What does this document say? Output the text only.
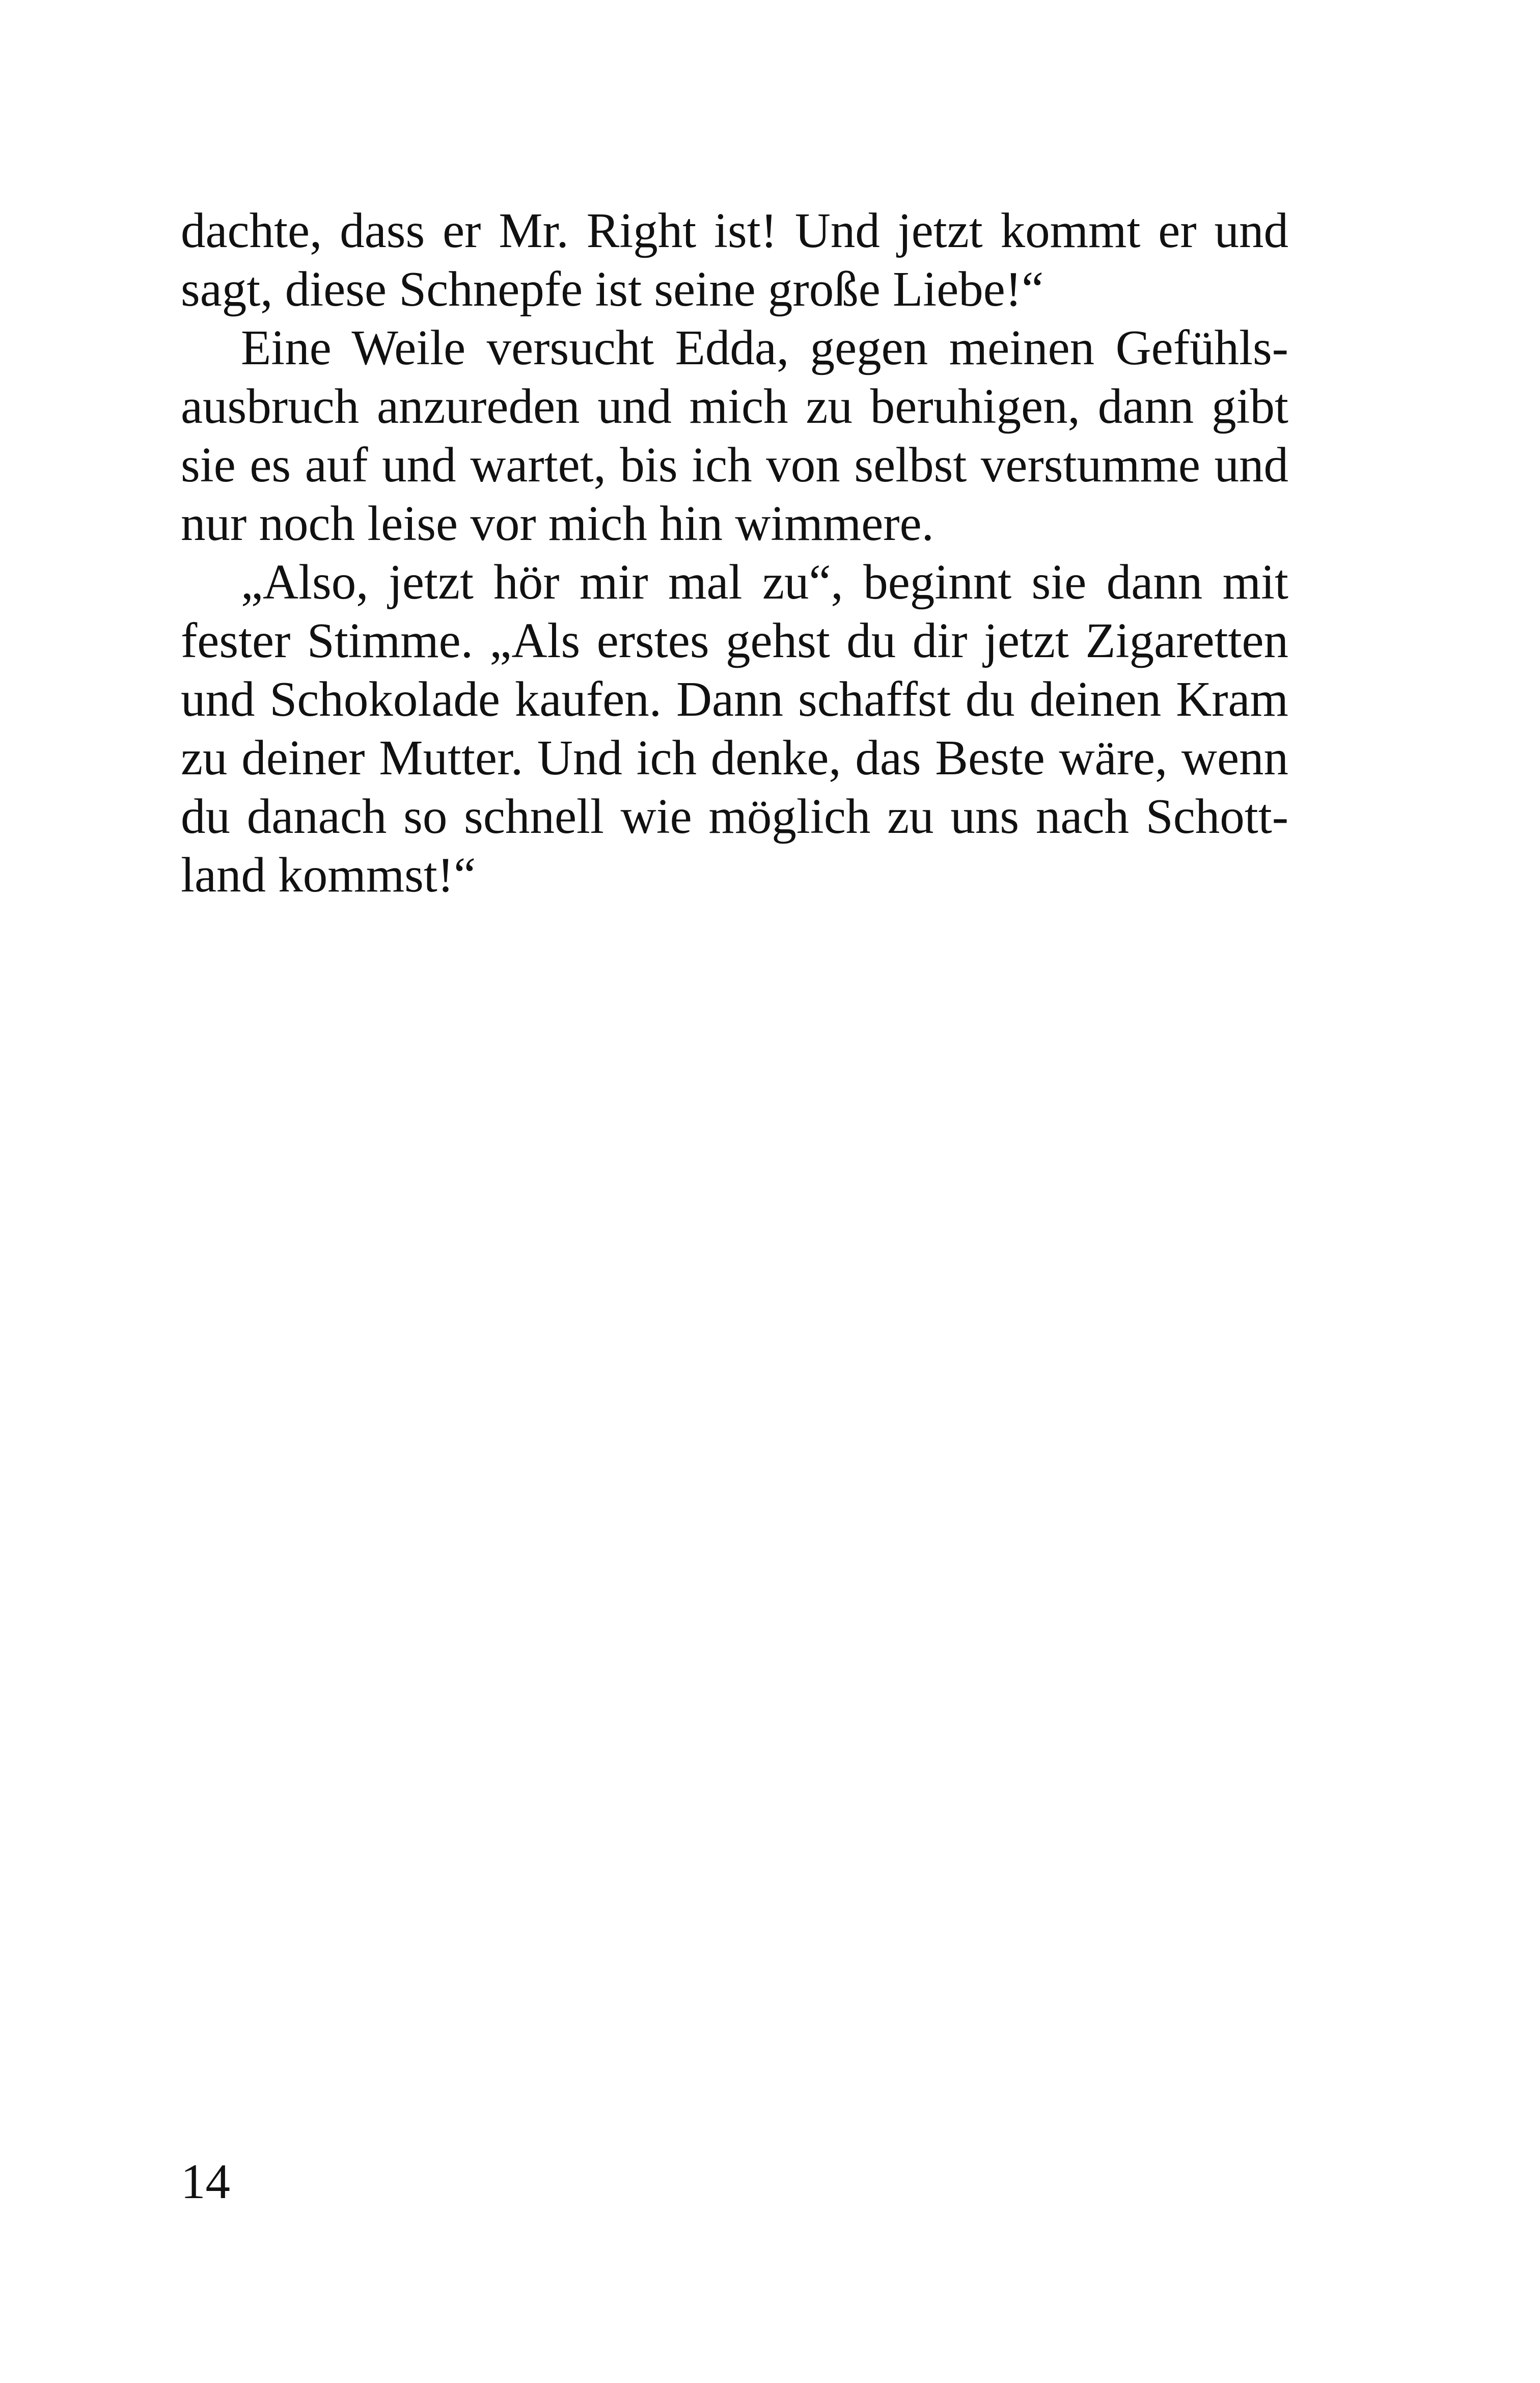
dachte, dass er Mr. Right ist! Und jetzt kommt er und
sagt, diese Schnepfe ist seine große Liebe!“
Eine Weile versucht Edda, gegen meinen Gefühls-
ausbruch anzureden und mich zu beruhigen, dann gibt
sie es auf und wartet, bis ich von selbst verstumme und
nur noch leise vor mich hin wimmere.
„Also, jetzt hör mir mal zu“, beginnt sie dann mit
fester Stimme. „Als erstes gehst du dir jetzt Zigaretten
und Schokolade kaufen. Dann schaffst du deinen Kram
zu deiner Mutter. Und ich denke, das Beste wäre, wenn
du danach so schnell wie möglich zu uns nach Schott-
land kommst!“
14
